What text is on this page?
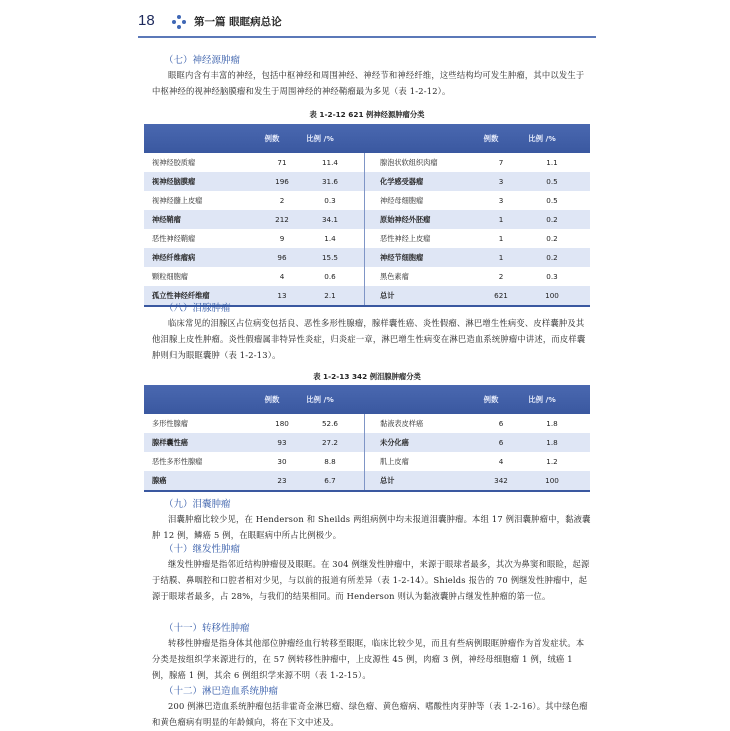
18	第一篇 眼眶病总论
（七）神经源肿瘤

眼眶内含有丰富的神经，包括中枢神经和周围神经、神经节和神经纤维，这些结构均可发生肿瘤，其中以发生于中枢神经的视神经脑膜瘤和发生于周围神经的神经鞘瘤最为多见（表 1-2-12）。

表 1-2-12 621 例神经源肿瘤分类
例数	比例 /%	例数	比例 /%
视神经胶质瘤	71	11.4	腺泡状软组织肉瘤	7	1.1
视神经脑膜瘤	196	31.6	化学感受器瘤	3	0.5
视神经髓上皮瘤	2	0.3	神经母细胞瘤	3	0.5
神经鞘瘤	212	34.1	原始神经外胚瘤	1	0.2
恶性神经鞘瘤	9	1.4	恶性神经上皮瘤	1	0.2
神经纤维瘤病	96	15.5	神经节细胞瘤	1	0.2
颗粒细胞瘤	4	0.6	黑色素瘤	2	0.3
孤立性神经纤维瘤	13	2.1	总计	621	100
（八）泪腺肿瘤

临床常见的泪腺区占位病变包括良、恶性多形性腺瘤，腺样囊性癌、炎性假瘤、淋巴增生性病变、皮样囊肿及其他泪腺上皮性肿瘤。炎性假瘤属非特异性炎症，归炎症一章，淋巴增生性病变在淋巴造血系统肿瘤中讲述，而皮样囊肿则归为眼眶囊肿（表 1-2-13）。

表 1-2-13 342 例泪腺肿瘤分类
例数	比例 /%	例数	比例 /%
多形性腺瘤	180	52.6	黏液表皮样癌	6	1.8
腺样囊性癌	93	27.2	未分化癌	6	1.8
恶性多形性腺瘤	30	8.8	肌上皮瘤	4	1.2
腺癌	23	6.7	总计	342	100
（九）泪囊肿瘤

泪囊肿瘤比较少见，在 Henderson 和 Sheilds 两组病例中均未报道泪囊肿瘤。本组 17 例泪囊肿瘤中，黏液囊肿 12 例，鳞癌 5 例，在眼眶病中所占比例极少。

（十）继发性肿瘤

继发性肿瘤是指邻近结构肿瘤侵及眼眶。在 304 例继发性肿瘤中，来源于眼球者最多，其次为鼻窦和眼睑，起源于结膜、鼻咽腔和口腔者相对少见，与以前的报道有所差异（表 1-2-14）。Shields 报告的 70 例继发性肿瘤中，起源于眼球者最多，占 28%，与我们的结果相同。而 Henderson 则认为黏液囊肿占继发性肿瘤的第一位。

（十一）转移性肿瘤

转移性肿瘤是指身体其他部位肿瘤经血行转移至眼眶，临床比较少见，而且有些病例眼眶肿瘤作为首发症状。本分类是按组织学来源进行的，在 57 例转移性肿瘤中，上皮源性 45 例，肉瘤 3 例，神经母细胞瘤 1 例，绒癌 1 例，腺癌 1 例，其余 6 例组织学来源不明（表 1-2-15）。

（十二）淋巴造血系统肿瘤

200 例淋巴造血系统肿瘤包括非霍奇金淋巴瘤、绿色瘤、黄色瘤病、嗜酸性肉芽肿等（表 1-2-16）。其中绿色瘤和黄色瘤病有明显的年龄倾向，将在下文中述及。
